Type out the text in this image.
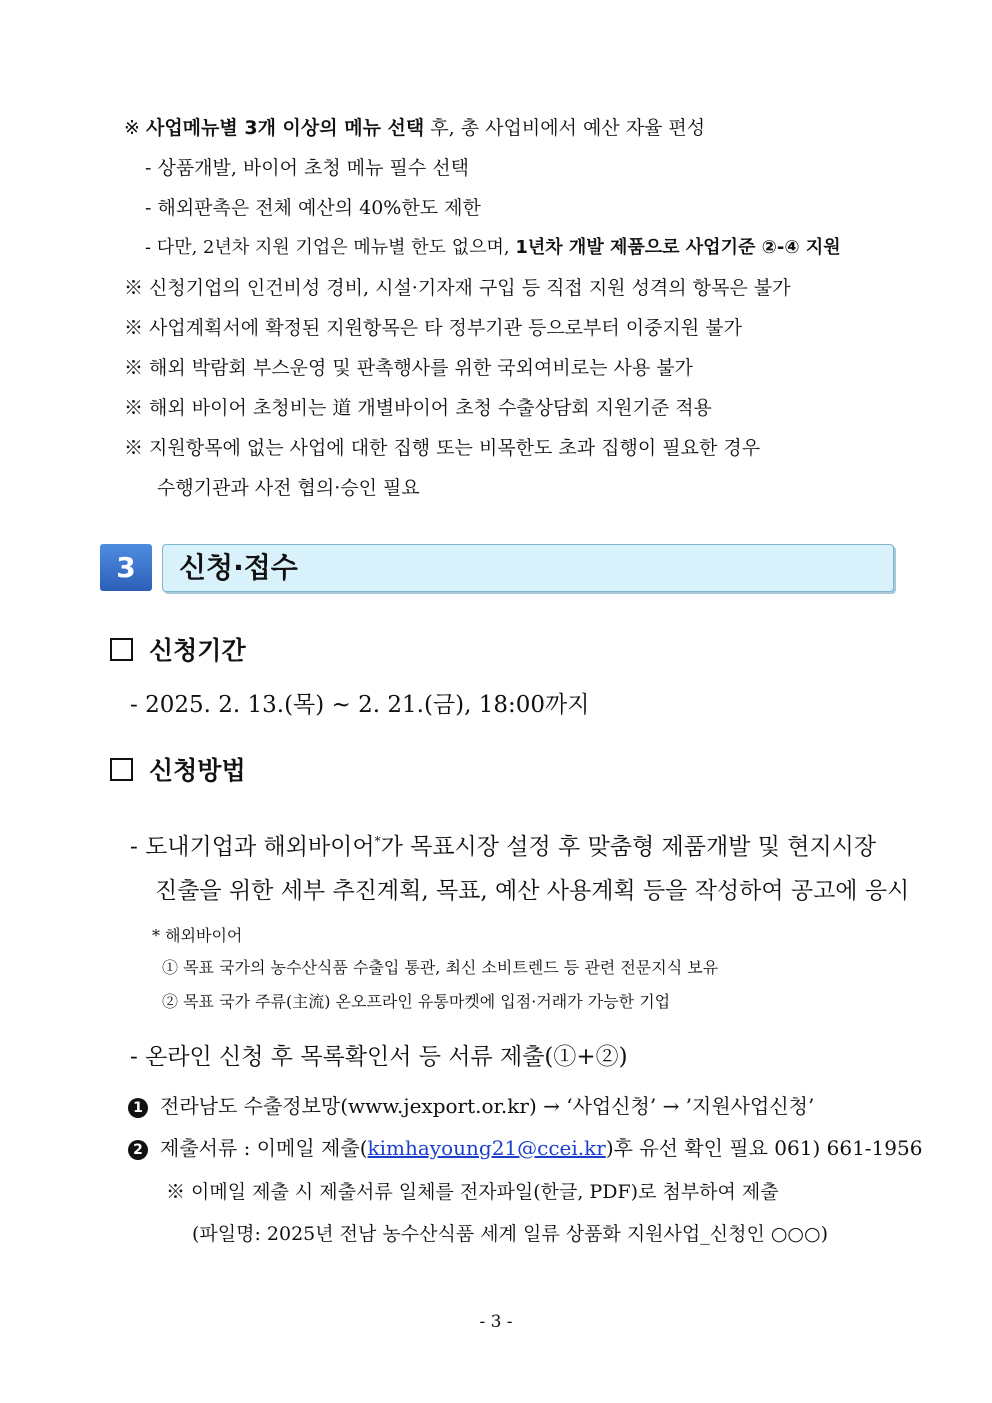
※ 사업메뉴별 3개 이상의 메뉴 선택 후, 총 사업비에서 예산 자율 편성
- 상품개발, 바이어 초청 메뉴 필수 선택
- 해외판촉은 전체 예산의 40%한도 제한
- 다만, 2년차 지원 기업은 메뉴별 한도 없으며, 1년차 개발 제품으로 사업기준 ②-④ 지원
※ 신청기업의 인건비성 경비, 시설·기자재 구입 등 직접 지원 성격의 항목은 불가
※ 사업계획서에 확정된 지원항목은 타 정부기관 등으로부터 이중지원 불가
※ 해외 박람회 부스운영 및 판촉행사를 위한 국외여비로는 사용 불가
※ 해외 바이어 초청비는 道 개별바이어 초청 수출상담회 지원기준 적용
※ 지원항목에 없는 사업에 대한 집행 또는 비목한도 초과 집행이 필요한 경우
수행기관과 사전 협의·승인 필요
3	신청·접수
신청기간
- 2025. 2. 13.(목) ~ 2. 21.(금), 18:00까지
신청방법
- 도내기업과 해외바이어*가 목표시장 설정 후 맞춤형 제품개발 및 현지시장
진출을 위한 세부 추진계획, 목표, 예산 사용계획 등을 작성하여 공고에 응시
* 해외바이어
① 목표 국가의 농수산식품 수출입 통관, 최신 소비트렌드 등 관련 전문지식 보유
② 목표 국가 주류(主流) 온오프라인 유통마켓에 입점·거래가 가능한 기업
- 온라인 신청 후 목록확인서 등 서류 제출(①+②)
1 전라남도 수출정보망(www.jexport.or.kr) → ‘사업신청’ → ’지원사업신청’
2 제출서류 : 이메일 제출(kimhayoung21@ccei.kr)후 유선 확인 필요 061) 661-1956
※ 이메일 제출 시 제출서류 일체를 전자파일(한글, PDF)로 첨부하여 제출
(파일명: 2025년 전남 농수산식품 세계 일류 상품화 지원사업_신청인 ○○○)
- 3 -
